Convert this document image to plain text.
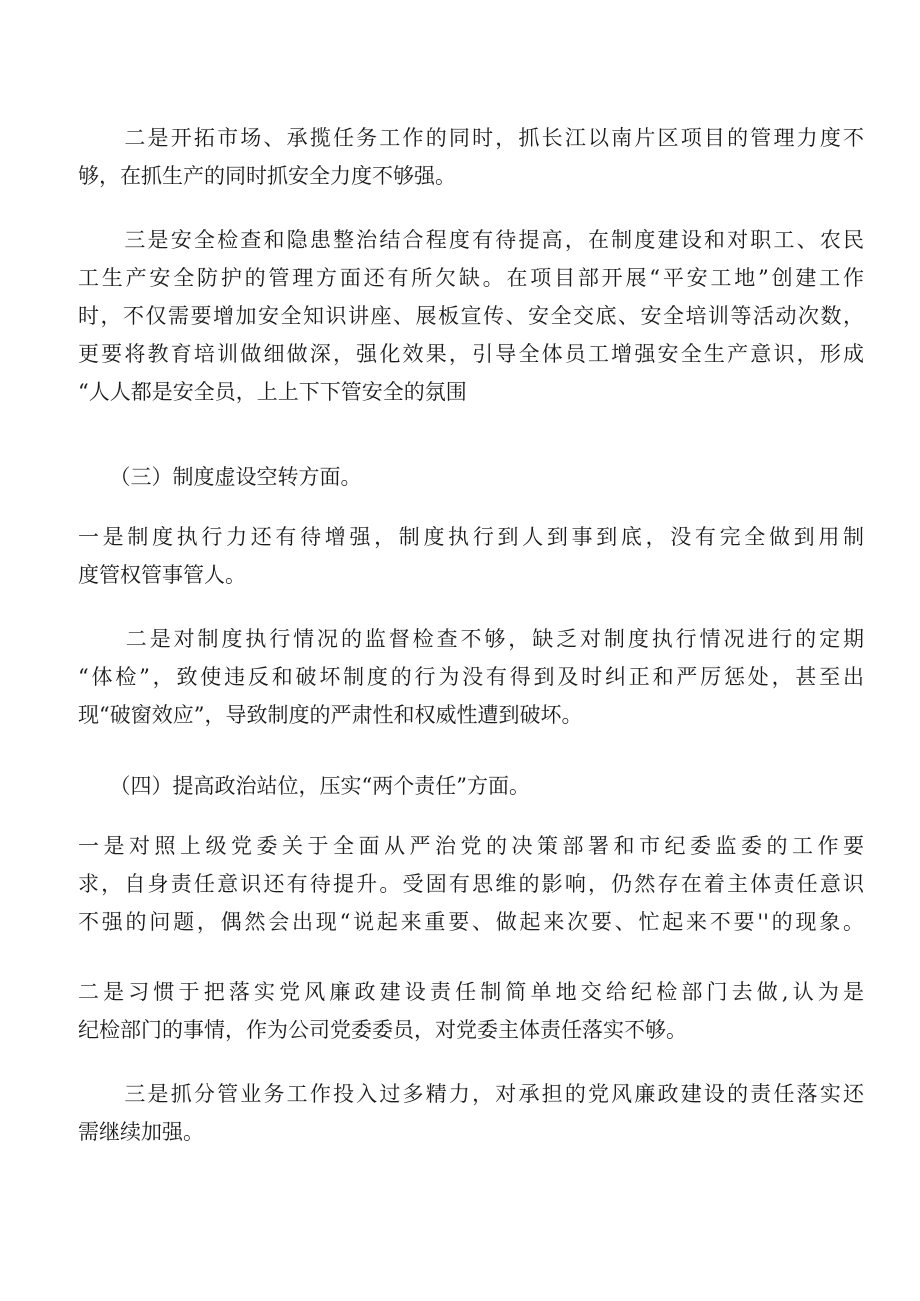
　　二是开拓市场、承揽任务工作的同时，抓长江以南片区项目的管理力度不
够，在抓生产的同时抓安全力度不够强。
　　三是安全检查和隐患整治结合程度有待提高，在制度建设和对职工、农民
工生产安全防护的管理方面还有所欠缺。在项目部开展“平安工地”创建工作
时，不仅需要增加安全知识讲座、展板宣传、安全交底、安全培训等活动次数，
更要将教育培训做细做深，强化效果，引导全体员工增强安全生产意识，形成
“人人都是安全员，上上下下管安全的氛围
　　（三）制度虚设空转方面。
一是制度执行力还有待增强，制度执行到人到事到底，没有完全做到用制
度管权管事管人。
　　二是对制度执行情况的监督检查不够，缺乏对制度执行情况进行的定期
“体检”，致使违反和破坏制度的行为没有得到及时纠正和严厉惩处，甚至出
现“破窗效应”，导致制度的严肃性和权威性遭到破坏。
　　（四）提高政治站位，压实“两个责任”方面。
一是对照上级党委关于全面从严治党的决策部署和市纪委监委的工作要
求，自身责任意识还有待提升。受固有思维的影响，仍然存在着主体责任意识
不强的问题，偶然会出现“说起来重要、做起来次要、忙起来不要''的现象。
二是习惯于把落实党风廉政建设责任制简单地交给纪检部门去做,认为是
纪检部门的事情，作为公司党委委员，对党委主体责任落实不够。
　　三是抓分管业务工作投入过多精力，对承担的党风廉政建设的责任落实还
需继续加强。
